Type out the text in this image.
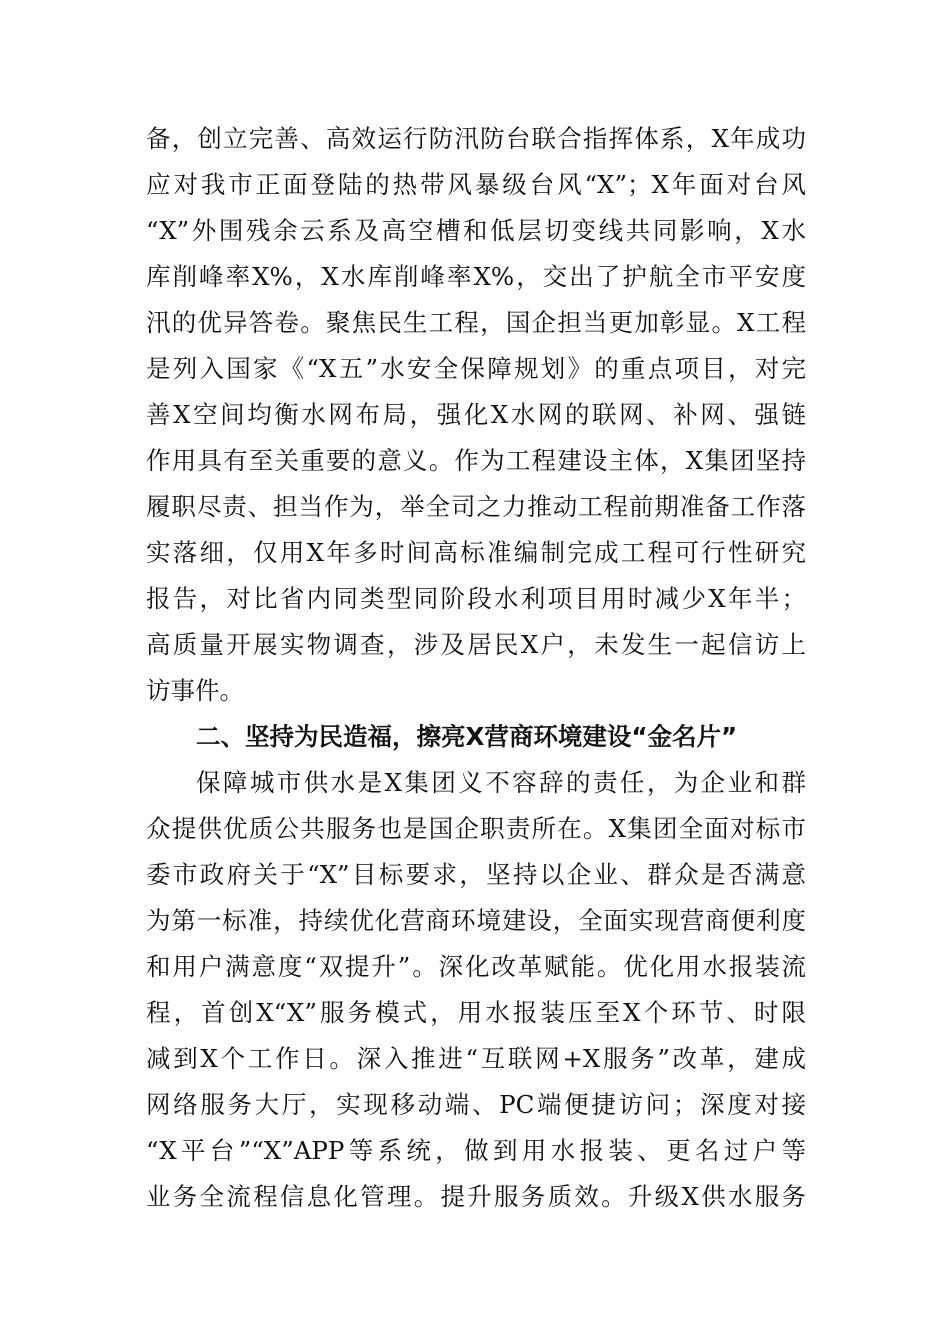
备，创立完善、高效运行防汛防台联合指挥体系，X年成功
应对我市正面登陆的热带风暴级台风“X”；X年面对台风
“X”外围残余云系及高空槽和低层切变线共同影响，X水
库削峰率X%，X水库削峰率X%，交出了护航全市平安度
汛的优异答卷。聚焦民生工程，国企担当更加彰显。X工程
是列入国家《“X五”水安全保障规划》的重点项目，对完
善X空间均衡水网布局，强化X水网的联网、补网、强链
作用具有至关重要的意义。作为工程建设主体，X集团坚持
履职尽责、担当作为，举全司之力推动工程前期准备工作落
实落细，仅用X年多时间高标准编制完成工程可行性研究
报告，对比省内同类型同阶段水利项目用时减少X年半；
高质量开展实物调查，涉及居民X户，未发生一起信访上
访事件。
二、坚持为民造福，擦亮X营商环境建设“金名片”
保障城市供水是X集团义不容辞的责任，为企业和群
众提供优质公共服务也是国企职责所在。X集团全面对标市
委市政府关于“X”目标要求，坚持以企业、群众是否满意
为第一标准，持续优化营商环境建设，全面实现营商便利度
和用户满意度“双提升”。深化改革赋能。优化用水报装流
程，首创X“X”服务模式，用水报装压至X个环节、时限
减到X个工作日。深入推进“互联网+X服务”改革，建成
网络服务大厅，实现移动端、PC端便捷访问；深度对接
“X平台”“X”APP等系统，做到用水报装、更名过户等
业务全流程信息化管理。提升服务质效。升级X供水服务
